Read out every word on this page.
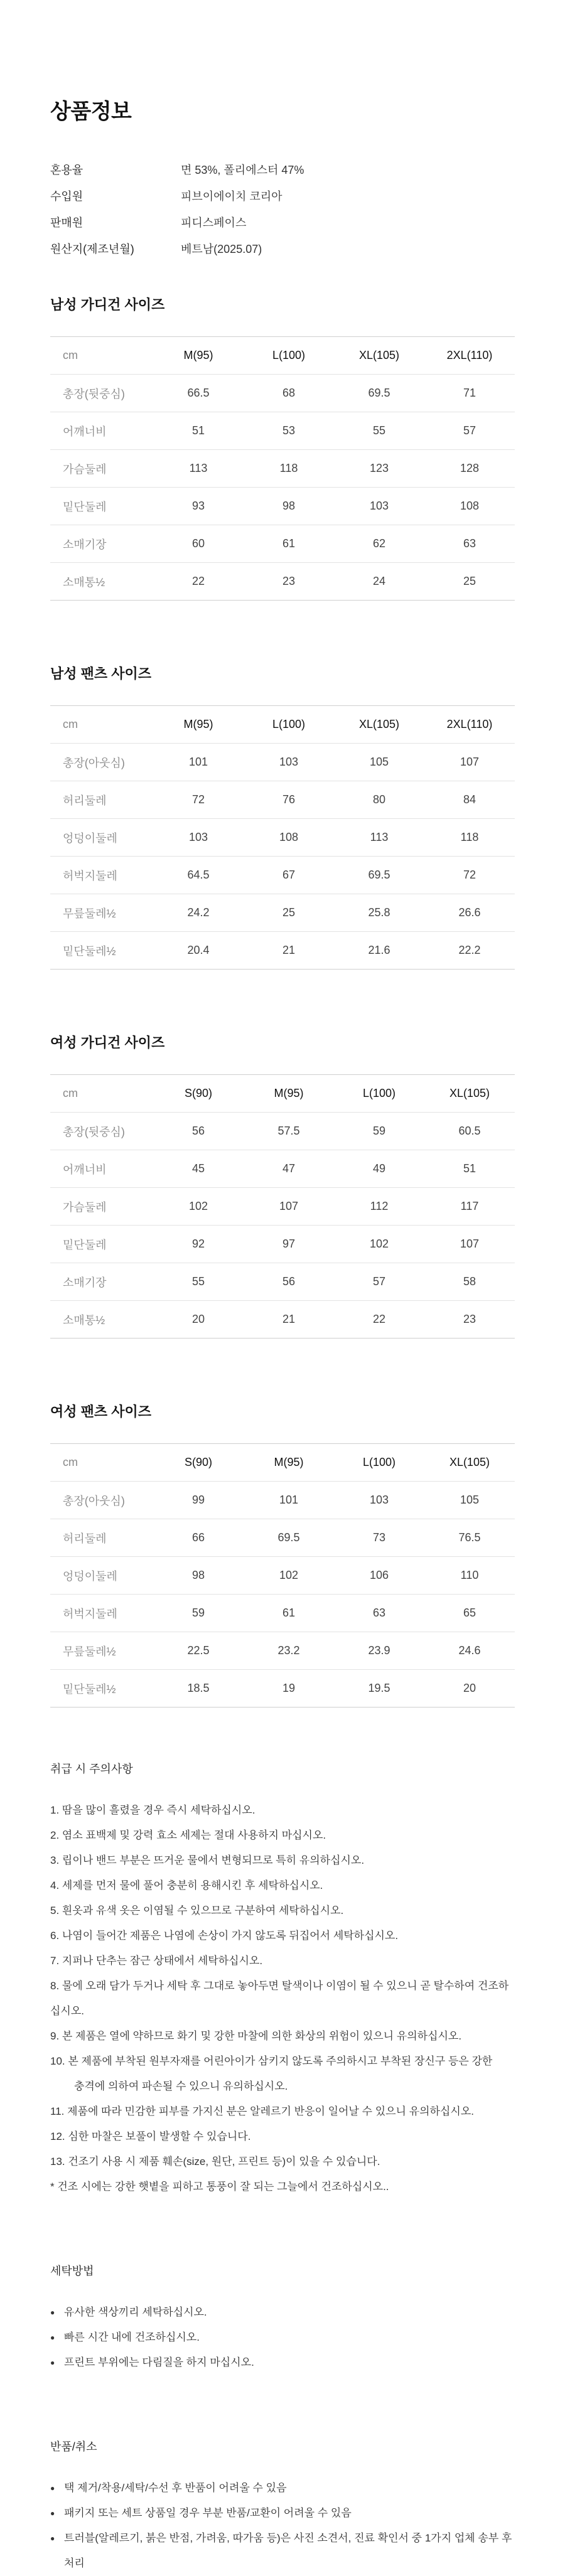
상품정보
혼용율	면 53%, 폴리에스터 47%
수입원	피브이에이치 코리아
판매원	피디스페이스
원산지(제조년월)	베트남(2025.07)
남성 가디건 사이즈
cm	M(95)	L(100)	XL(105)	2XL(110)
총장(뒷중심)	66.5	68	69.5	71
어깨너비	51	53	55	57
가슴둘레	113	118	123	128
밑단둘레	93	98	103	108
소매기장	60	61	62	63
소매통½	22	23	24	25
남성 팬츠 사이즈
cm	M(95)	L(100)	XL(105)	2XL(110)
총장(아웃심)	101	103	105	107
허리둘레	72	76	80	84
엉덩이둘레	103	108	113	118
허벅지둘레	64.5	67	69.5	72
무릎둘레½	24.2	25	25.8	26.6
밑단둘레½	20.4	21	21.6	22.2
여성 가디건 사이즈
cm	S(90)	M(95)	L(100)	XL(105)
총장(뒷중심)	56	57.5	59	60.5
어깨너비	45	47	49	51
가슴둘레	102	107	112	117
밑단둘레	92	97	102	107
소매기장	55	56	57	58
소매통½	20	21	22	23
여성 팬츠 사이즈
cm	S(90)	M(95)	L(100)	XL(105)
총장(아웃심)	99	101	103	105
허리둘레	66	69.5	73	76.5
엉덩이둘레	98	102	106	110
허벅지둘레	59	61	63	65
무릎둘레½	22.5	23.2	23.9	24.6
밑단둘레½	18.5	19	19.5	20
취급 시 주의사항
1. 땀을 많이 흘렸을 경우 즉시 세탁하십시오.
2. 염소 표백제 및 강력 효소 세제는 절대 사용하지 마십시오.
3. 립이나 밴드 부분은 뜨거운 물에서 변형되므로 특히 유의하십시오.
4. 세제를 먼저 물에 풀어 충분히 용해시킨 후 세탁하십시오.
5. 흰옷과 유색 옷은 이염될 수 있으므로 구분하여 세탁하십시오.
6. 나염이 들어간 제품은 나염에 손상이 가지 않도록 뒤집어서 세탁하십시오.
7. 지퍼나 단추는 잠근 상태에서 세탁하십시오.
8. 물에 오래 담가 두거나 세탁 후 그대로 놓아두면 탈색이나 이염이 될 수 있으니 곧 탈수하여 건조하십시오.
9. 본 제품은 열에 약하므로 화기 및 강한 마찰에 의한 화상의 위험이 있으니 유의하십시오.
10. 본 제품에 부착된 원부자재를 어린아이가 삼키지 않도록 주의하시고 부착된 장신구 등은 강한
충격에 의하여 파손될 수 있으니 유의하십시오.
11. 제품에 따라 민감한 피부를 가지신 분은 알레르기 반응이 일어날 수 있으니 유의하십시오.
12. 심한 마찰은 보풀이 발생할 수 있습니다.
13. 건조기 사용 시 제품 훼손(size, 원단, 프린트 등)이 있을 수 있습니다.
* 건조 시에는 강한 햇볕을 피하고 통풍이 잘 되는 그늘에서 건조하십시오..
세탁방법
● 유사한 색상끼리 세탁하십시오.
● 빠른 시간 내에 건조하십시오.
● 프린트 부위에는 다림질을 하지 마십시오.
반품/취소
● 택 제거/착용/세탁/수선 후 반품이 어려울 수 있음
● 패키지 또는 세트 상품일 경우 부분 반품/교환이 어려울 수 있음
● 트러블(알레르기, 붉은 반점, 가려움, 따가움 등)은 사진 소견서, 진료 확인서 중 1가지 업체 송부 후 처리
